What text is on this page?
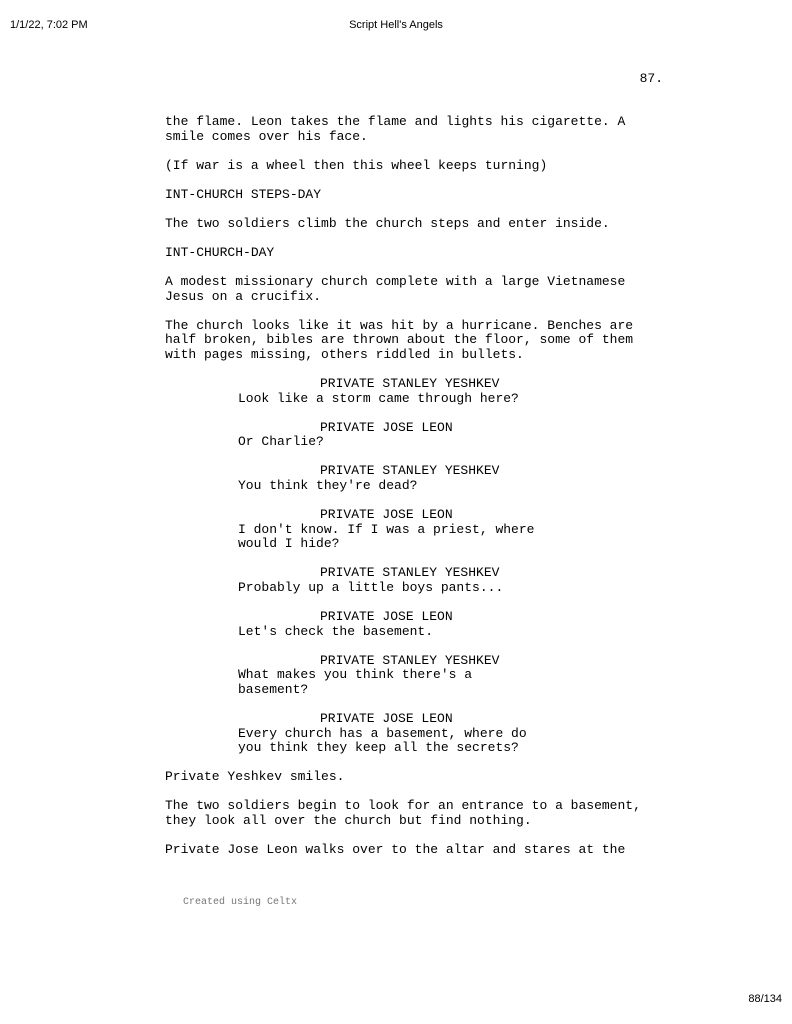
1/1/22, 7:02 PM	Script Hell's Angels
87.
the flame. Leon takes the flame and lights his cigarette. A
smile comes over his face.
(If war is a wheel then this wheel keeps turning)
INT-CHURCH STEPS-DAY
The two soldiers climb the church steps and enter inside.
INT-CHURCH-DAY
A modest missionary church complete with a large Vietnamese
Jesus on a crucifix.
The church looks like it was hit by a hurricane. Benches are
half broken, bibles are thrown about the floor, some of them
with pages missing, others riddled in bullets.
PRIVATE STANLEY YESHKEV
Look like a storm came through here?
PRIVATE JOSE LEON
Or Charlie?
PRIVATE STANLEY YESHKEV
You think they're dead?
PRIVATE JOSE LEON
I don't know. If I was a priest, where
would I hide?
PRIVATE STANLEY YESHKEV
Probably up a little boys pants...
PRIVATE JOSE LEON
Let's check the basement.
PRIVATE STANLEY YESHKEV
What makes you think there's a
basement?
PRIVATE JOSE LEON
Every church has a basement, where do
you think they keep all the secrets?
Private Yeshkev smiles.
The two soldiers begin to look for an entrance to a basement,
they look all over the church but find nothing.
Private Jose Leon walks over to the altar and stares at the
Created using Celtx
88/134
